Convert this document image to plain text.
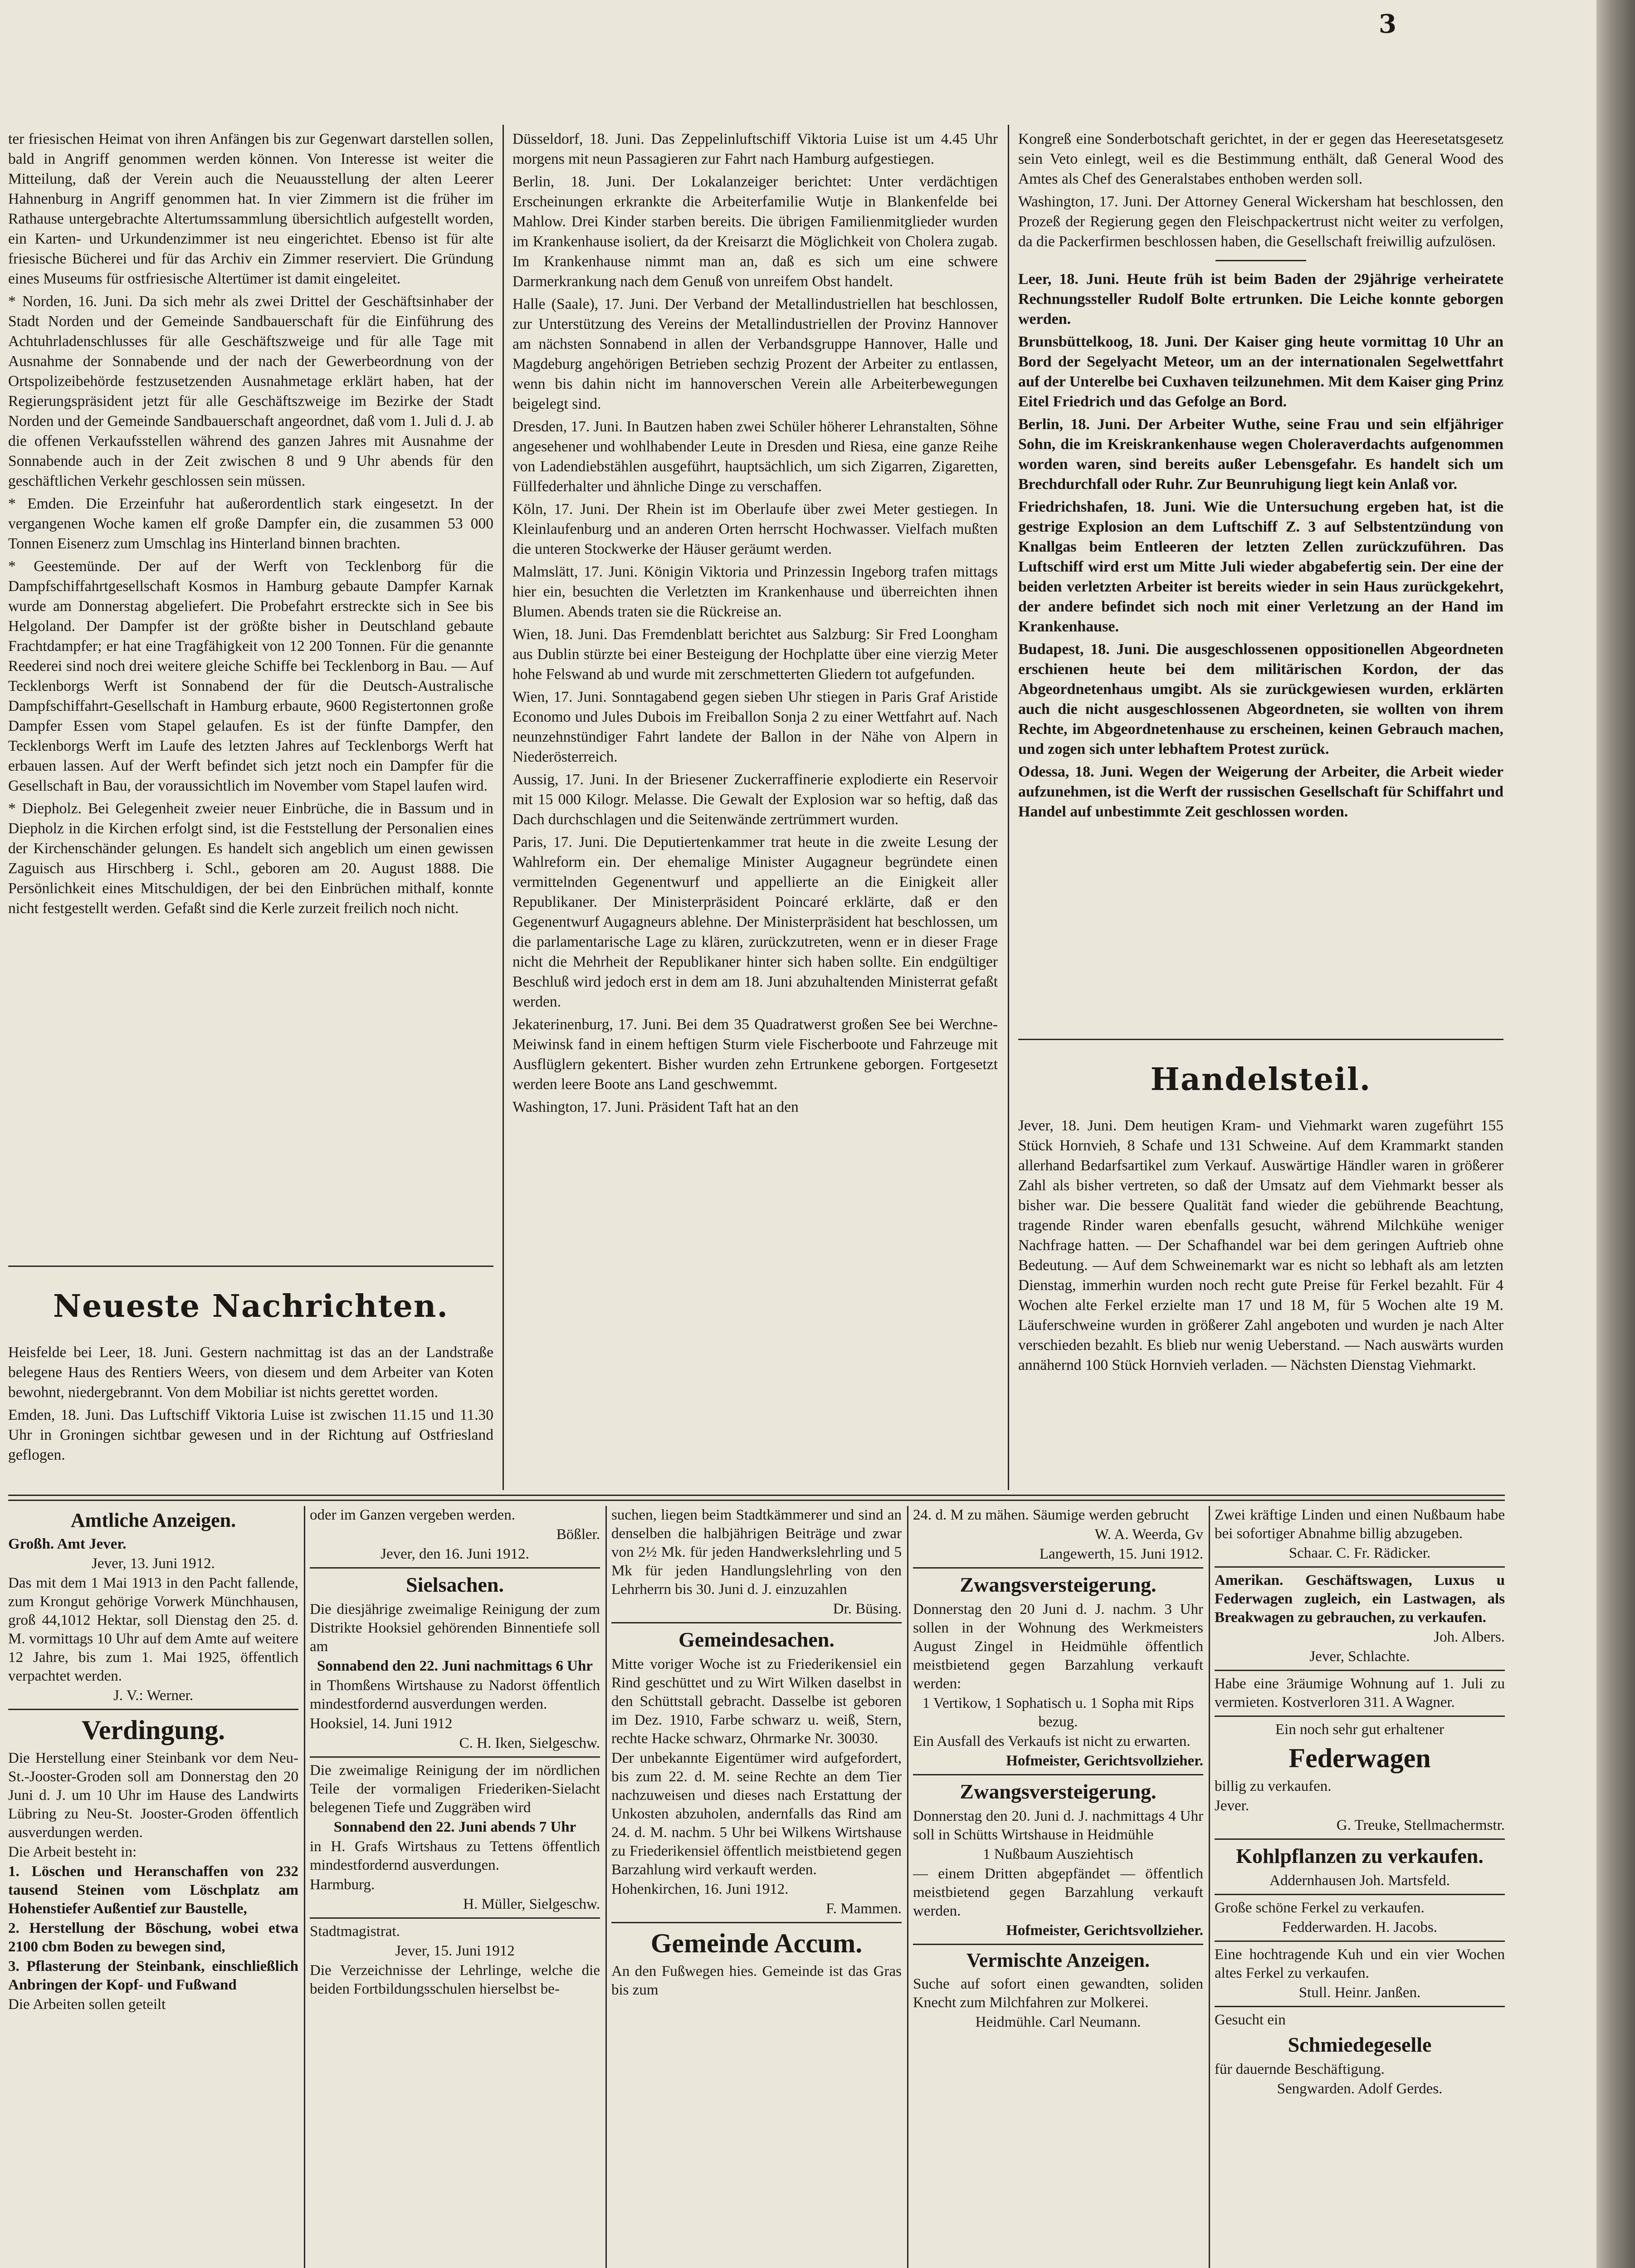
3

ter friesischen Heimat von ihren Anfängen bis zur Gegenwart darstellen sollen, bald in Angriff genommen werden können. Von Interesse ist weiter die Mitteilung, daß der Verein auch die Neuausstellung der alten Leerer Hahnenburg in Angriff genommen hat. In vier Zimmern ist die früher im Rathause untergebrachte Altertumssammlung übersichtlich aufgestellt worden, ein Karten- und Urkundenzimmer ist neu eingerichtet. Ebenso ist für alte friesische Bücherei und für das Archiv ein Zimmer reserviert. Die Gründung eines Museums für ostfriesische Altertümer ist damit eingeleitet.

* Norden, 16. Juni. Da sich mehr als zwei Drittel der Geschäftsinhaber der Stadt Norden und der Gemeinde Sandbauerschaft für die Einführung des Achtuhrladenschlusses für alle Geschäftszweige und für alle Tage mit Ausnahme der Sonnabende und der nach der Gewerbeordnung von der Ortspolizeibehörde festzusetzenden Ausnahmetage erklärt haben, hat der Regierungspräsident jetzt für alle Geschäftszweige im Bezirke der Stadt Norden und der Gemeinde Sandbauerschaft angeordnet, daß vom 1. Juli d. J. ab die offenen Verkaufsstellen während des ganzen Jahres mit Ausnahme der Sonnabende auch in der Zeit zwischen 8 und 9 Uhr abends für den geschäftlichen Verkehr geschlossen sein müssen.

* Emden. Die Erzeinfuhr hat außerordentlich stark eingesetzt. In der vergangenen Woche kamen elf große Dampfer ein, die zusammen 53 000 Tonnen Eisenerz zum Umschlag ins Hinterland binnen brachten.

* Geestemünde. Der auf der Werft von Tecklenborg für die Dampfschiffahrtgesellschaft Kosmos in Hamburg gebaute Dampfer Karnak wurde am Donnerstag abgeliefert. Die Probefahrt erstreckte sich in See bis Helgoland. Der Dampfer ist der größte bisher in Deutschland gebaute Frachtdampfer; er hat eine Tragfähigkeit von 12 200 Tonnen. Für die genannte Reederei sind noch drei weitere gleiche Schiffe bei Tecklenborg in Bau. — Auf Tecklenborgs Werft ist Sonnabend der für die Deutsch-Australische Dampfschiffahrt-Gesellschaft in Hamburg erbaute, 9600 Registertonnen große Dampfer Essen vom Stapel gelaufen. Es ist der fünfte Dampfer, den Tecklenborgs Werft im Laufe des letzten Jahres auf Tecklenborgs Werft hat erbauen lassen. Auf der Werft befindet sich jetzt noch ein Dampfer für die Gesellschaft in Bau, der voraussichtlich im November vom Stapel laufen wird.

* Diepholz. Bei Gelegenheit zweier neuer Einbrüche, die in Bassum und in Diepholz in die Kirchen erfolgt sind, ist die Feststellung der Personalien eines der Kirchenschänder gelungen. Es handelt sich angeblich um einen gewissen Zaguisch aus Hirschberg i. Schl., geboren am 20. August 1888. Die Persönlichkeit eines Mitschuldigen, der bei den Einbrüchen mithalf, konnte nicht festgestellt werden. Gefaßt sind die Kerle zurzeit freilich noch nicht.

Neueste Nachrichten.

Heisfelde bei Leer, 18. Juni. Gestern nachmittag ist das an der Landstraße belegene Haus des Rentiers Weers, von diesem und dem Arbeiter van Koten bewohnt, niedergebrannt. Von dem Mobiliar ist nichts gerettet worden.

Emden, 18. Juni. Das Luftschiff Viktoria Luise ist zwischen 11.15 und 11.30 Uhr in Groningen sichtbar gewesen und in der Richtung auf Ostfriesland geflogen.

Düsseldorf, 18. Juni. Das Zeppelinluftschiff Viktoria Luise ist um 4.45 Uhr morgens mit neun Passagieren zur Fahrt nach Hamburg aufgestiegen.

Berlin, 18. Juni. Der Lokalanzeiger berichtet: Unter verdächtigen Erscheinungen erkrankte die Arbeiterfamilie Wutje in Blankenfelde bei Mahlow. Drei Kinder starben bereits. Die übrigen Familienmitglieder wurden im Krankenhause isoliert, da der Kreisarzt die Möglichkeit von Cholera zugab. Im Krankenhause nimmt man an, daß es sich um eine schwere Darmerkrankung nach dem Genuß von unreifem Obst handelt.

Halle (Saale), 17. Juni. Der Verband der Metallindustriellen hat beschlossen, zur Unterstützung des Vereins der Metallindustriellen der Provinz Hannover am nächsten Sonnabend in allen der Verbandsgruppe Hannover, Halle und Magdeburg angehörigen Betrieben sechzig Prozent der Arbeiter zu entlassen, wenn bis dahin nicht im hannoverschen Verein alle Arbeiterbewegungen beigelegt sind.

Dresden, 17. Juni. In Bautzen haben zwei Schüler höherer Lehranstalten, Söhne angesehener und wohlhabender Leute in Dresden und Riesa, eine ganze Reihe von Ladendiebstählen ausgeführt, hauptsächlich, um sich Zigarren, Zigaretten, Füllfederhalter und ähnliche Dinge zu verschaffen.

Köln, 17. Juni. Der Rhein ist im Oberlaufe über zwei Meter gestiegen. In Kleinlaufenburg und an anderen Orten herrscht Hochwasser. Vielfach mußten die unteren Stockwerke der Häuser geräumt werden.

Malmslätt, 17. Juni. Königin Viktoria und Prinzessin Ingeborg trafen mittags hier ein, besuchten die Verletzten im Krankenhause und überreichten ihnen Blumen. Abends traten sie die Rückreise an.

Wien, 18. Juni. Das Fremdenblatt berichtet aus Salzburg: Sir Fred Loongham aus Dublin stürzte bei einer Besteigung der Hochplatte über eine vierzig Meter hohe Felswand ab und wurde mit zerschmetterten Gliedern tot aufgefunden.

Wien, 17. Juni. Sonntagabend gegen sieben Uhr stiegen in Paris Graf Aristide Economo und Jules Dubois im Freiballon Sonja 2 zu einer Wettfahrt auf. Nach neunzehnstündiger Fahrt landete der Ballon in der Nähe von Alpern in Niederösterreich.

Aussig, 17. Juni. In der Briesener Zuckerraffinerie explodierte ein Reservoir mit 15 000 Kilogr. Melasse. Die Gewalt der Explosion war so heftig, daß das Dach durchschlagen und die Seitenwände zertrümmert wurden.

Paris, 17. Juni. Die Deputiertenkammer trat heute in die zweite Lesung der Wahlreform ein. Der ehemalige Minister Augagneur begründete einen vermittelnden Gegenentwurf und appellierte an die Einigkeit aller Republikaner. Der Ministerpräsident Poincaré erklärte, daß er den Gegenentwurf Augagneurs ablehne. Der Ministerpräsident hat beschlossen, um die parlamentarische Lage zu klären, zurückzutreten, wenn er in dieser Frage nicht die Mehrheit der Republikaner hinter sich haben sollte. Ein endgültiger Beschluß wird jedoch erst in dem am 18. Juni abzuhaltenden Ministerrat gefaßt werden.

Jekaterinenburg, 17. Juni. Bei dem 35 Quadratwerst großen See bei Werchne-Meiwinsk fand in einem heftigen Sturm viele Fischerboote und Fahrzeuge mit Ausflüglern gekentert. Bisher wurden zehn Ertrunkene geborgen. Fortgesetzt werden leere Boote ans Land geschwemmt.

Washington, 17. Juni. Präsident Taft hat an den

Kongreß eine Sonderbotschaft gerichtet, in der er gegen das Heeresetatsgesetz sein Veto einlegt, weil es die Bestimmung enthält, daß General Wood des Amtes als Chef des Generalstabes enthoben werden soll.

Washington, 17. Juni. Der Attorney General Wickersham hat beschlossen, den Prozeß der Regierung gegen den Fleischpackertrust nicht weiter zu verfolgen, da die Packerfirmen beschlossen haben, die Gesellschaft freiwillig aufzulösen.

Leer, 18. Juni. Heute früh ist beim Baden der 29jährige verheiratete Rechnungssteller Rudolf Bolte ertrunken. Die Leiche konnte geborgen werden.

Brunsbüttelkoog, 18. Juni. Der Kaiser ging heute vormittag 10 Uhr an Bord der Segelyacht Meteor, um an der internationalen Segelwettfahrt auf der Unterelbe bei Cuxhaven teilzunehmen. Mit dem Kaiser ging Prinz Eitel Friedrich und das Gefolge an Bord.

Berlin, 18. Juni. Der Arbeiter Wuthe, seine Frau und sein elfjähriger Sohn, die im Kreiskrankenhause wegen Choleraverdachts aufgenommen worden waren, sind bereits außer Lebensgefahr. Es handelt sich um Brechdurchfall oder Ruhr. Zur Beunruhigung liegt kein Anlaß vor.

Friedrichshafen, 18. Juni. Wie die Untersuchung ergeben hat, ist die gestrige Explosion an dem Luftschiff Z. 3 auf Selbstentzündung von Knallgas beim Entleeren der letzten Zellen zurückzuführen. Das Luftschiff wird erst um Mitte Juli wieder abgabefertig sein. Der eine der beiden verletzten Arbeiter ist bereits wieder in sein Haus zurückgekehrt, der andere befindet sich noch mit einer Verletzung an der Hand im Krankenhause.

Budapest, 18. Juni. Die ausgeschlossenen oppositionellen Abgeordneten erschienen heute bei dem militärischen Kordon, der das Abgeordnetenhaus umgibt. Als sie zurückgewiesen wurden, erklärten auch die nicht ausgeschlossenen Abgeordneten, sie wollten von ihrem Rechte, im Abgeordnetenhause zu erscheinen, keinen Gebrauch machen, und zogen sich unter lebhaftem Protest zurück.

Odessa, 18. Juni. Wegen der Weigerung der Arbeiter, die Arbeit wieder aufzunehmen, ist die Werft der russischen Gesellschaft für Schiffahrt und Handel auf unbestimmte Zeit geschlossen worden.

Handelsteil.

Jever, 18. Juni. Dem heutigen Kram- und Viehmarkt waren zugeführt 155 Stück Hornvieh, 8 Schafe und 131 Schweine. Auf dem Krammarkt standen allerhand Bedarfsartikel zum Verkauf. Auswärtige Händler waren in größerer Zahl als bisher vertreten, so daß der Umsatz auf dem Viehmarkt besser als bisher war. Die bessere Qualität fand wieder die gebührende Beachtung, tragende Rinder waren ebenfalls gesucht, während Milchkühe weniger Nachfrage hatten. — Der Schafhandel war bei dem geringen Auftrieb ohne Bedeutung. — Auf dem Schweinemarkt war es nicht so lebhaft als am letzten Dienstag, immerhin wurden noch recht gute Preise für Ferkel bezahlt. Für 4 Wochen alte Ferkel erzielte man 17 und 18 M, für 5 Wochen alte 19 M. Läuferschweine wurden in größerer Zahl angeboten und wurden je nach Alter verschieden bezahlt. Es blieb nur wenig Ueberstand. — Nach auswärts wurden annähernd 100 Stück Hornvieh verladen. — Nächsten Dienstag Viehmarkt.

Amtliche Anzeigen.

Großh. Amt Jever.

Jever, 13. Juni 1912.

Das mit dem 1 Mai 1913 in den Pacht fallende, zum Krongut gehörige Vorwerk Münchhausen, groß 44,1012 Hektar, soll Dienstag den 25. d. M. vormittags 10 Uhr auf dem Amte auf weitere 12 Jahre, bis zum 1. Mai 1925, öffentlich verpachtet werden.

J. V.: Werner.

Verdingung.

Die Herstellung einer Steinbank vor dem Neu-St.-Jooster-Groden soll am Donnerstag den 20 Juni d. J. um 10 Uhr im Hause des Landwirts Lübring zu Neu-St. Jooster-Groden öffentlich ausverdungen werden.

Die Arbeit besteht in:

1. Löschen und Heranschaffen von 232 tausend Steinen vom Löschplatz am Hohenstiefer Außentief zur Baustelle,

2. Herstellung der Böschung, wobei etwa 2100 cbm Boden zu bewegen sind,

3. Pflasterung der Steinbank, einschließlich Anbringen der Kopf- und Fußwand

Die Arbeiten sollen geteilt

oder im Ganzen vergeben werden.

Bößler.

Jever, den 16. Juni 1912.

Sielsachen.

Die diesjährige zweimalige Reinigung der zum Distrikte Hooksiel gehörenden Binnentiefe soll am

Sonnabend den 22. Juni nachmittags 6 Uhr

in Thomßens Wirtshause zu Nadorst öffentlich mindestfordernd ausverdungen werden.

Hooksiel, 14. Juni 1912

C. H. Iken, Sielgeschw.

Die zweimalige Reinigung der im nördlichen Teile der vormaligen Friederiken-Sielacht belegenen Tiefe und Zuggräben wird

Sonnabend den 22. Juni abends 7 Uhr

in H. Grafs Wirtshaus zu Tettens öffentlich mindestfordernd ausverdungen.

Harmburg.

H. Müller, Sielgeschw.

Stadtmagistrat.

Jever, 15. Juni 1912

Die Verzeichnisse der Lehrlinge, welche die beiden Fortbildungsschulen hierselbst be-

suchen, liegen beim Stadtkämmerer und sind an denselben die halbjährigen Beiträge und zwar von 2½ Mk. für jeden Handwerkslehrling und 5 Mk für jeden Handlungslehrling von den Lehrherrn bis 30. Juni d. J. einzuzahlen

Dr. Büsing.

Gemeindesachen.

Mitte voriger Woche ist zu Friederikensiel ein Rind geschüttet und zu Wirt Wilken daselbst in den Schüttstall gebracht. Dasselbe ist geboren im Dez. 1910, Farbe schwarz u. weiß, Stern, rechte Hacke schwarz, Ohrmarke Nr. 30030.

Der unbekannte Eigentümer wird aufgefordert, bis zum 22. d. M. seine Rechte an dem Tier nachzuweisen und dieses nach Erstattung der Unkosten abzuholen, andernfalls das Rind am 24. d. M. nachm. 5 Uhr bei Wilkens Wirtshause zu Friederikensiel öffentlich meistbietend gegen Barzahlung wird verkauft werden.

Hohenkirchen, 16. Juni 1912.

F. Mammen.

Gemeinde Accum.

An den Fußwegen hies. Gemeinde ist das Gras bis zum

24. d. M zu mähen. Säumige werden gebrucht

W. A. Weerda, Gv

Langewerth, 15. Juni 1912.

Zwangsversteigerung.

Donnerstag den 20 Juni d. J. nachm. 3 Uhr sollen in der Wohnung des Werkmeisters August Zingel in Heidmühle öffentlich meistbietend gegen Barzahlung verkauft werden:

1 Vertikow, 1 Sophatisch u. 1 Sopha mit Rips bezug.

Ein Ausfall des Verkaufs ist nicht zu erwarten.

Hofmeister, Gerichtsvollzieher.

Zwangsversteigerung.

Donnerstag den 20. Juni d. J. nachmittags 4 Uhr soll in Schütts Wirtshause in Heidmühle

1 Nußbaum Ausziehtisch

— einem Dritten abgepfändet — öffentlich meistbietend gegen Barzahlung verkauft werden.

Hofmeister, Gerichtsvollzieher.

Vermischte Anzeigen.

Suche auf sofort einen gewandten, soliden Knecht zum Milchfahren zur Molkerei.

Heidmühle. Carl Neumann.

Zwei kräftige Linden und einen Nußbaum habe bei sofortiger Abnahme billig abzugeben.

Schaar. C. Fr. Rädicker.

Amerikan. Geschäftswagen, Luxus u Federwagen zugleich, ein Lastwagen, als Breakwagen zu gebrauchen, zu verkaufen.

Joh. Albers.

Jever, Schlachte.

Habe eine 3räumige Wohnung auf 1. Juli zu vermieten. Kostverloren 311. A Wagner.

Ein noch sehr gut erhaltener

Federwagen

billig zu verkaufen.

Jever.

G. Treuke, Stellmachermstr.

Kohlpflanzen zu verkaufen.

Addernhausen Joh. Martsfeld.

Große schöne Ferkel zu verkaufen.

Fedderwarden. H. Jacobs.

Eine hochtragende Kuh und ein vier Wochen altes Ferkel zu verkaufen.

Stull. Heinr. Janßen.

Gesucht ein

Schmiedegeselle

für dauernde Beschäftigung.

Sengwarden. Adolf Gerdes.
